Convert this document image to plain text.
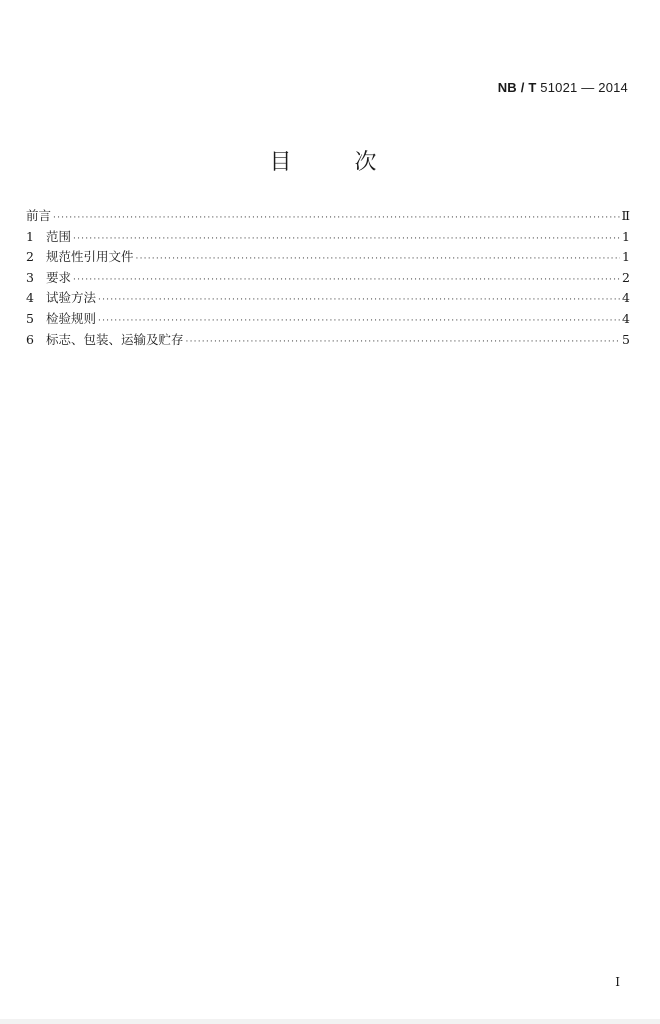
NB / T 51021 — 2014
目 次
前言 ·····	Ⅱ
1 范围 ·····	1
2 规范性引用文件 ·····	1
3 要求 ·····	2
4 试验方法 ·····	4
5 检验规则 ·····	4
6 标志、包装、运输及贮存 ·····	5
I
